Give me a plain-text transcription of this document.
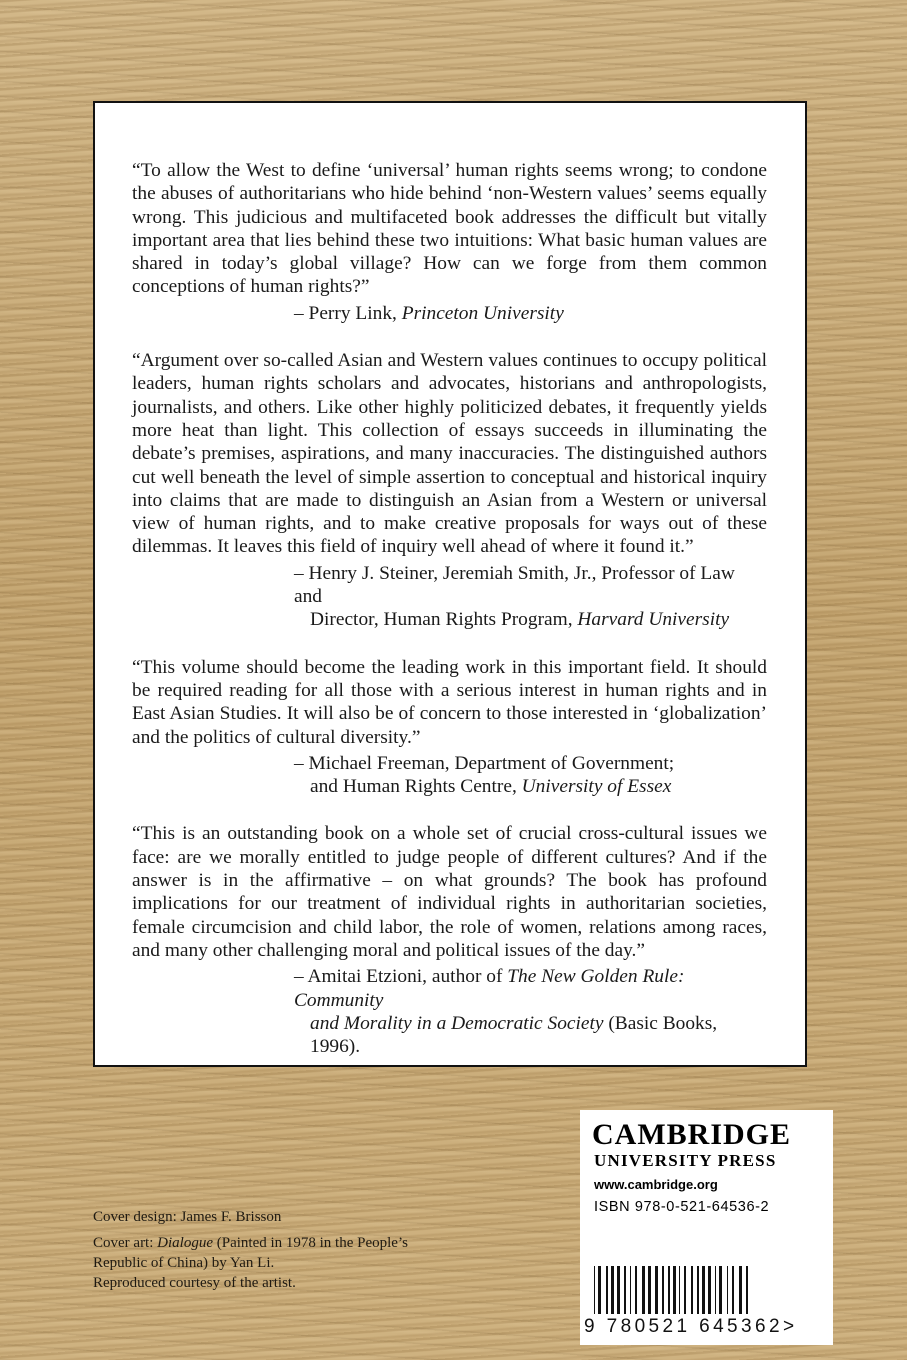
“To allow the West to define ‘universal’ human rights seems wrong; to condone the abuses of authoritarians who hide behind ‘non-Western values’ seems equally wrong. This judicious and multifaceted book addresses the difficult but vitally important area that lies behind these two intuitions: What basic human values are shared in today’s global village? How can we forge from them common conceptions of human rights?”

– Perry Link, Princeton University

“Argument over so-called Asian and Western values continues to occupy political leaders, human rights scholars and advocates, historians and anthropologists, journalists, and others. Like other highly politicized debates, it frequently yields more heat than light. This collection of essays succeeds in illuminating the debate’s premises, aspirations, and many inaccuracies. The distinguished authors cut well beneath the level of simple assertion to conceptual and historical inquiry into claims that are made to distinguish an Asian from a Western or universal view of human rights, and to make creative proposals for ways out of these dilemmas. It leaves this field of inquiry well ahead of where it found it.”

– Henry J. Steiner, Jeremiah Smith, Jr., Professor of Law and
Director, Human Rights Program, Harvard University

“This volume should become the leading work in this important field. It should be required reading for all those with a serious interest in human rights and in East Asian Studies. It will also be of concern to those interested in ‘globalization’ and the politics of cultural diversity.”

– Michael Freeman, Department of Government;
and Human Rights Centre, University of Essex

“This is an outstanding book on a whole set of crucial cross-cultural issues we face: are we morally entitled to judge people of different cultures? And if the answer is in the affirmative – on what grounds? The book has profound implications for our treatment of individual rights in authoritarian societies, female circumcision and child labor, the role of women, relations among races, and many other challenging moral and political issues of the day.”

– Amitai Etzioni, author of The New Golden Rule: Community
and Morality in a Democratic Society (Basic Books, 1996).

Cover design: James F. Brisson

Cover art: Dialogue (Painted in 1978 in the People’s Republic of China) by Yan Li.
Reproduced courtesy of the artist.

CAMBRIDGE
UNIVERSITY PRESS
www.cambridge.org
ISBN 978-0-521-64536-2
9 780521 645362>
